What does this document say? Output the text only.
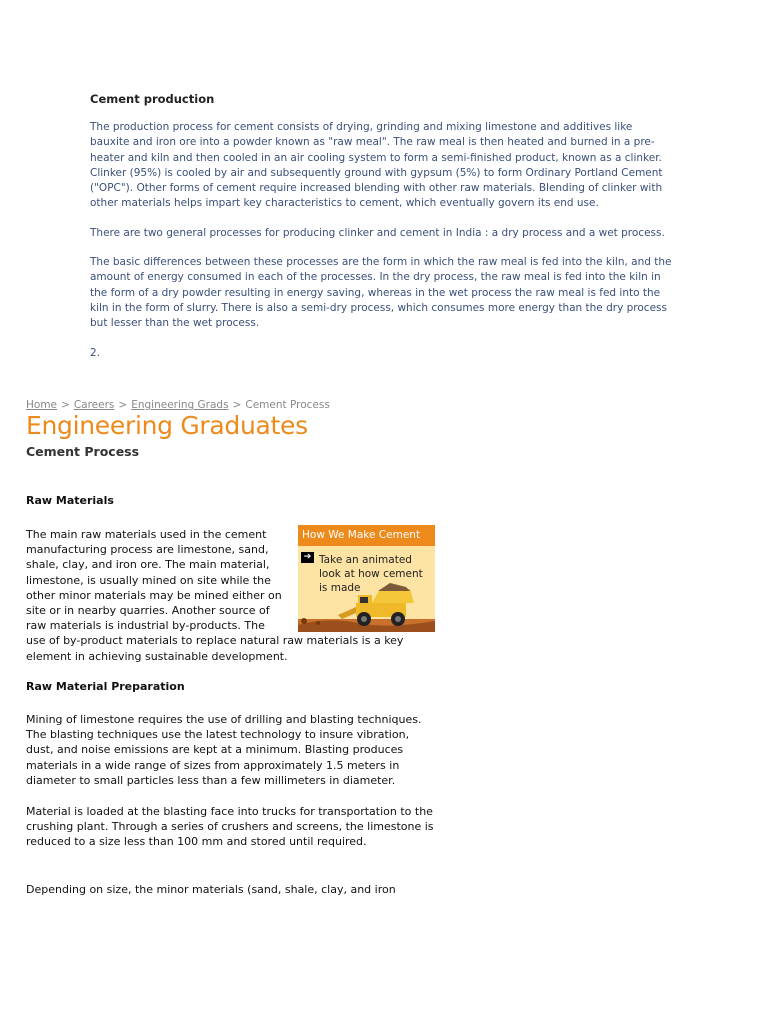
Cement production

The production process for cement consists of drying, grinding and mixing limestone and additives like bauxite and iron ore into a powder known as "raw meal". The raw meal is then heated and burned in a pre-heater and kiln and then cooled in an air cooling system to form a semi-finished product, known as a clinker. Clinker (95%) is cooled by air and subsequently ground with gypsum (5%) to form Ordinary Portland Cement ("OPC"). Other forms of cement require increased blending with other raw materials. Blending of clinker with other materials helps impart key characteristics to cement, which eventually govern its end use.

There are two general processes for producing clinker and cement in India : a dry process and a wet process.

The basic differences between these processes are the form in which the raw meal is fed into the kiln, and the amount of energy consumed in each of the processes. In the dry process, the raw meal is fed into the kiln in the form of a dry powder resulting in energy saving, whereas in the wet process the raw meal is fed into the kiln in the form of slurry. There is also a semi-dry process, which consumes more energy than the dry process but lesser than the wet process.

2.

Home > Careers > Engineering Grads > Cement Process
Engineering Graduates
Cement Process
Raw Materials
The main raw materials used in the cement manufacturing process are limestone, sand, shale, clay, and iron ore. The main material, limestone, is usually mined on site while the other minor materials may be mined either on site or in nearby quarries. Another source of raw materials is industrial by-products. The use of by-product materials to replace natural raw materials is a key element in achieving sustainable development.
How We Make Cement
➔ Take an animated look at how cement is made
Raw Material Preparation
Mining of limestone requires the use of drilling and blasting techniques. The blasting techniques use the latest technology to insure vibration, dust, and noise emissions are kept at a minimum. Blasting produces materials in a wide range of sizes from approximately 1.5 meters in diameter to small particles less than a few millimeters in diameter.
Material is loaded at the blasting face into trucks for transportation to the crushing plant. Through a series of crushers and screens, the limestone is reduced to a size less than 100 mm and stored until required.
Depending on size, the minor materials (sand, shale, clay, and iron
